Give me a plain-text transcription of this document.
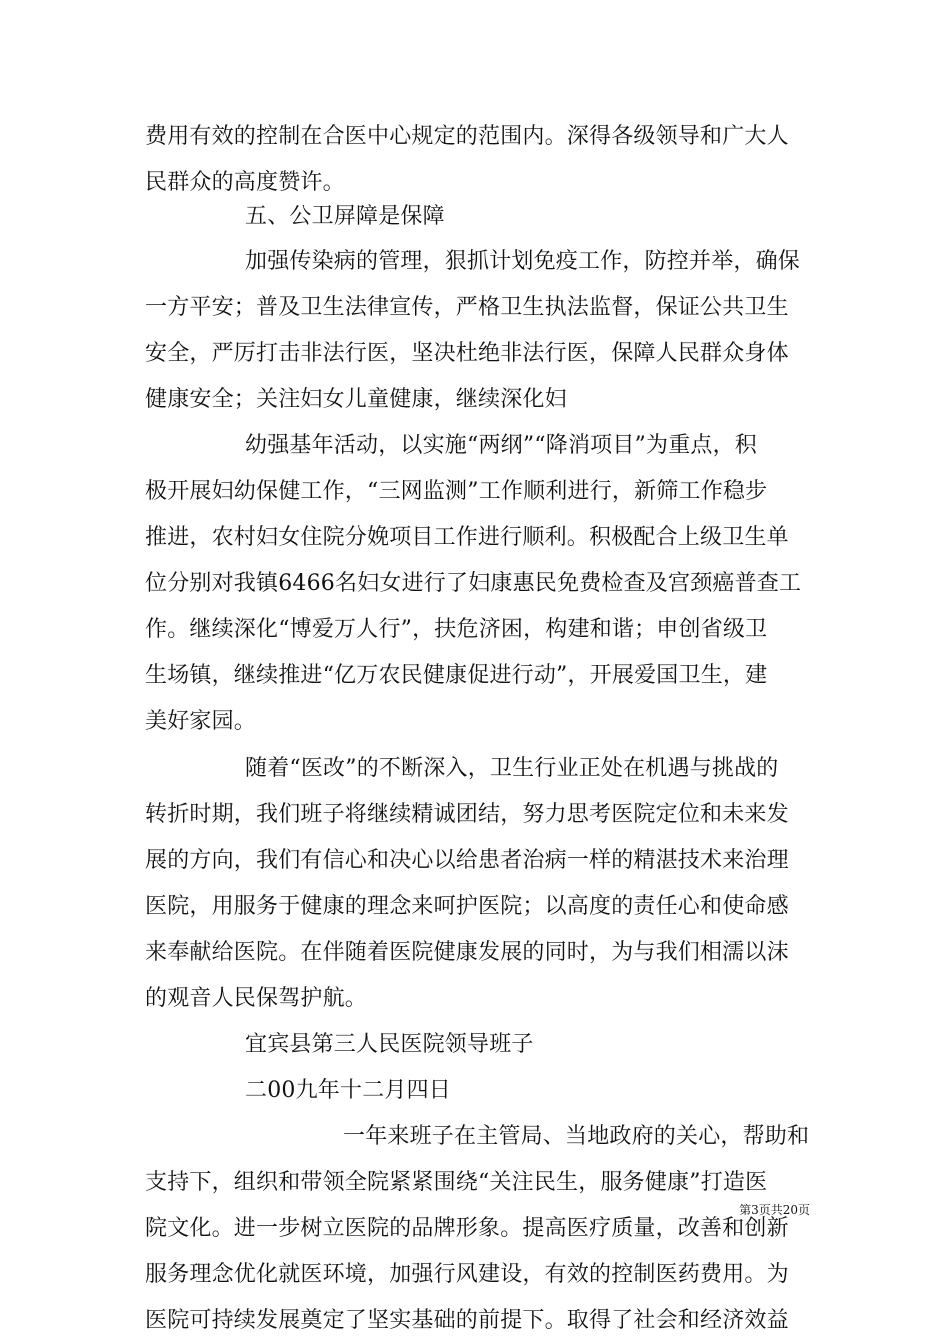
费用有效的控制在合医中心规定的范围内。深得各级领导和广大人
民群众的高度赞许。
五、公卫屏障是保障
加强传染病的管理，狠抓计划免疫工作，防控并举，确保
一方平安；普及卫生法律宣传，严格卫生执法监督，保证公共卫生
安全，严厉打击非法行医，坚决杜绝非法行医，保障人民群众身体
健康安全；关注妇女儿童健康，继续深化妇
幼强基年活动，以实施“两纲”“降消项目”为重点，积
极开展妇幼保健工作，“三网监测”工作顺利进行，新筛工作稳步
推进，农村妇女住院分娩项目工作进行顺利。积极配合上级卫生单
位分别对我镇6466名妇女进行了妇康惠民免费检查及宫颈癌普查工
作。继续深化“博爱万人行”，扶危济困，构建和谐；申创省级卫
生场镇，继续推进“亿万农民健康促进行动”，开展爱国卫生，建
美好家园。
随着“医改”的不断深入，卫生行业正处在机遇与挑战的
转折时期，我们班子将继续精诚团结，努力思考医院定位和未来发
展的方向，我们有信心和决心以给患者治病一样的精湛技术来治理
医院，用服务于健康的理念来呵护医院；以高度的责任心和使命感
来奉献给医院。在伴随着医院健康发展的同时，为与我们相濡以沫
的观音人民保驾护航。
宜宾县第三人民医院领导班子
二00九年十二月四日
一年来班子在主管局、当地政府的关心，帮助和
支持下，组织和带领全院紧紧围绕“关注民生，服务健康”打造医
院文化。进一步树立医院的品牌形象。提高医疗质量，改善和创新
服务理念优化就医环境，加强行风建设，有效的控制医药费用。为
医院可持续发展奠定了坚实基础的前提下。取得了社会和经济效益
第3页共20页
